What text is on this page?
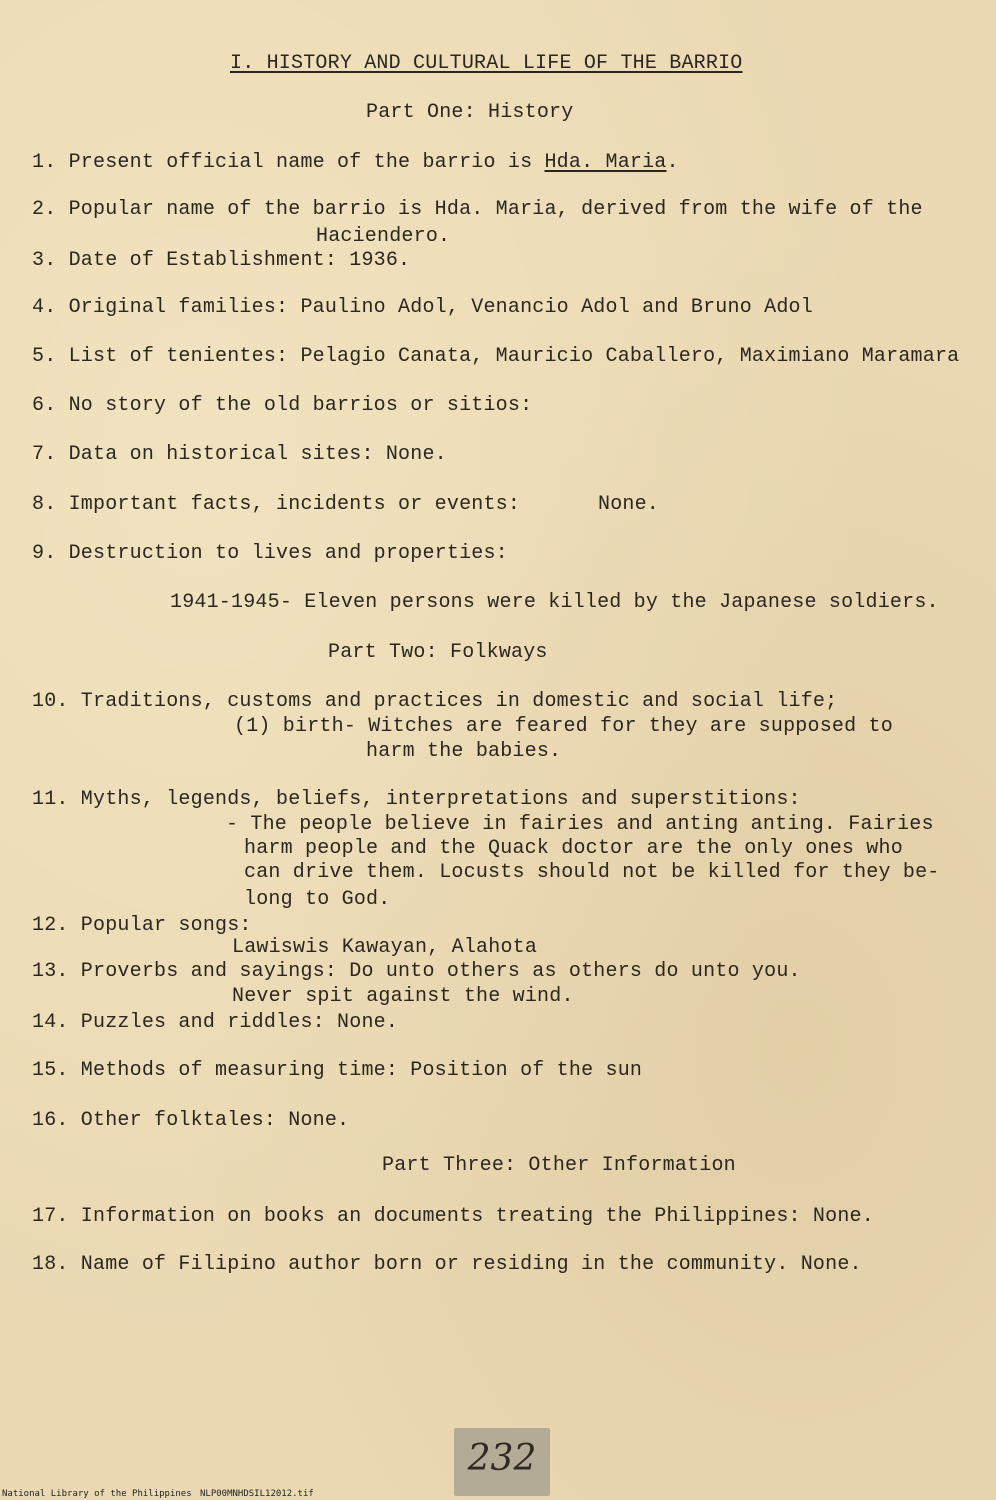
I. HISTORY AND CULTURAL LIFE OF THE BARRIO
Part One: History
1. Present official name of the barrio is Hda. Maria.
2. Popular name of the barrio is Hda. Maria, derived from the wife of the
Haciendero.
3. Date of Establishment: 1936.
4. Original families: Paulino Adol, Venancio Adol and Bruno Adol
5. List of tenientes: Pelagio Canata, Mauricio Caballero, Maximiano Maramara
6. No story of the old barrios or sitios:
7. Data on historical sites: None.
8. Important facts, incidents or events:	None.
9. Destruction to lives and properties:
1941-1945- Eleven persons were killed by the Japanese soldiers.
Part Two: Folkways
10. Traditions, customs and practices in domestic and social life;
(1) birth- Witches are feared for they are supposed to
harm the babies.
11. Myths, legends, beliefs, interpretations and superstitions:
- The people believe in fairies and anting anting. Fairies
harm people and the Quack doctor are the only ones who
can drive them. Locusts should not be killed for they be-
long to God.
12. Popular songs:
Lawiswis Kawayan, Alahota
13. Proverbs and sayings: Do unto others as others do unto you.
Never spit against the wind.
14. Puzzles and riddles: None.
15. Methods of measuring time: Position of the sun
16. Other folktales: None.
Part Three: Other Information
17. Information on books an documents treating the Philippines: None.
18. Name of Filipino author born or residing in the community. None.
232
National Library of the Philippines NLP00MNHDSIL12012.tif
